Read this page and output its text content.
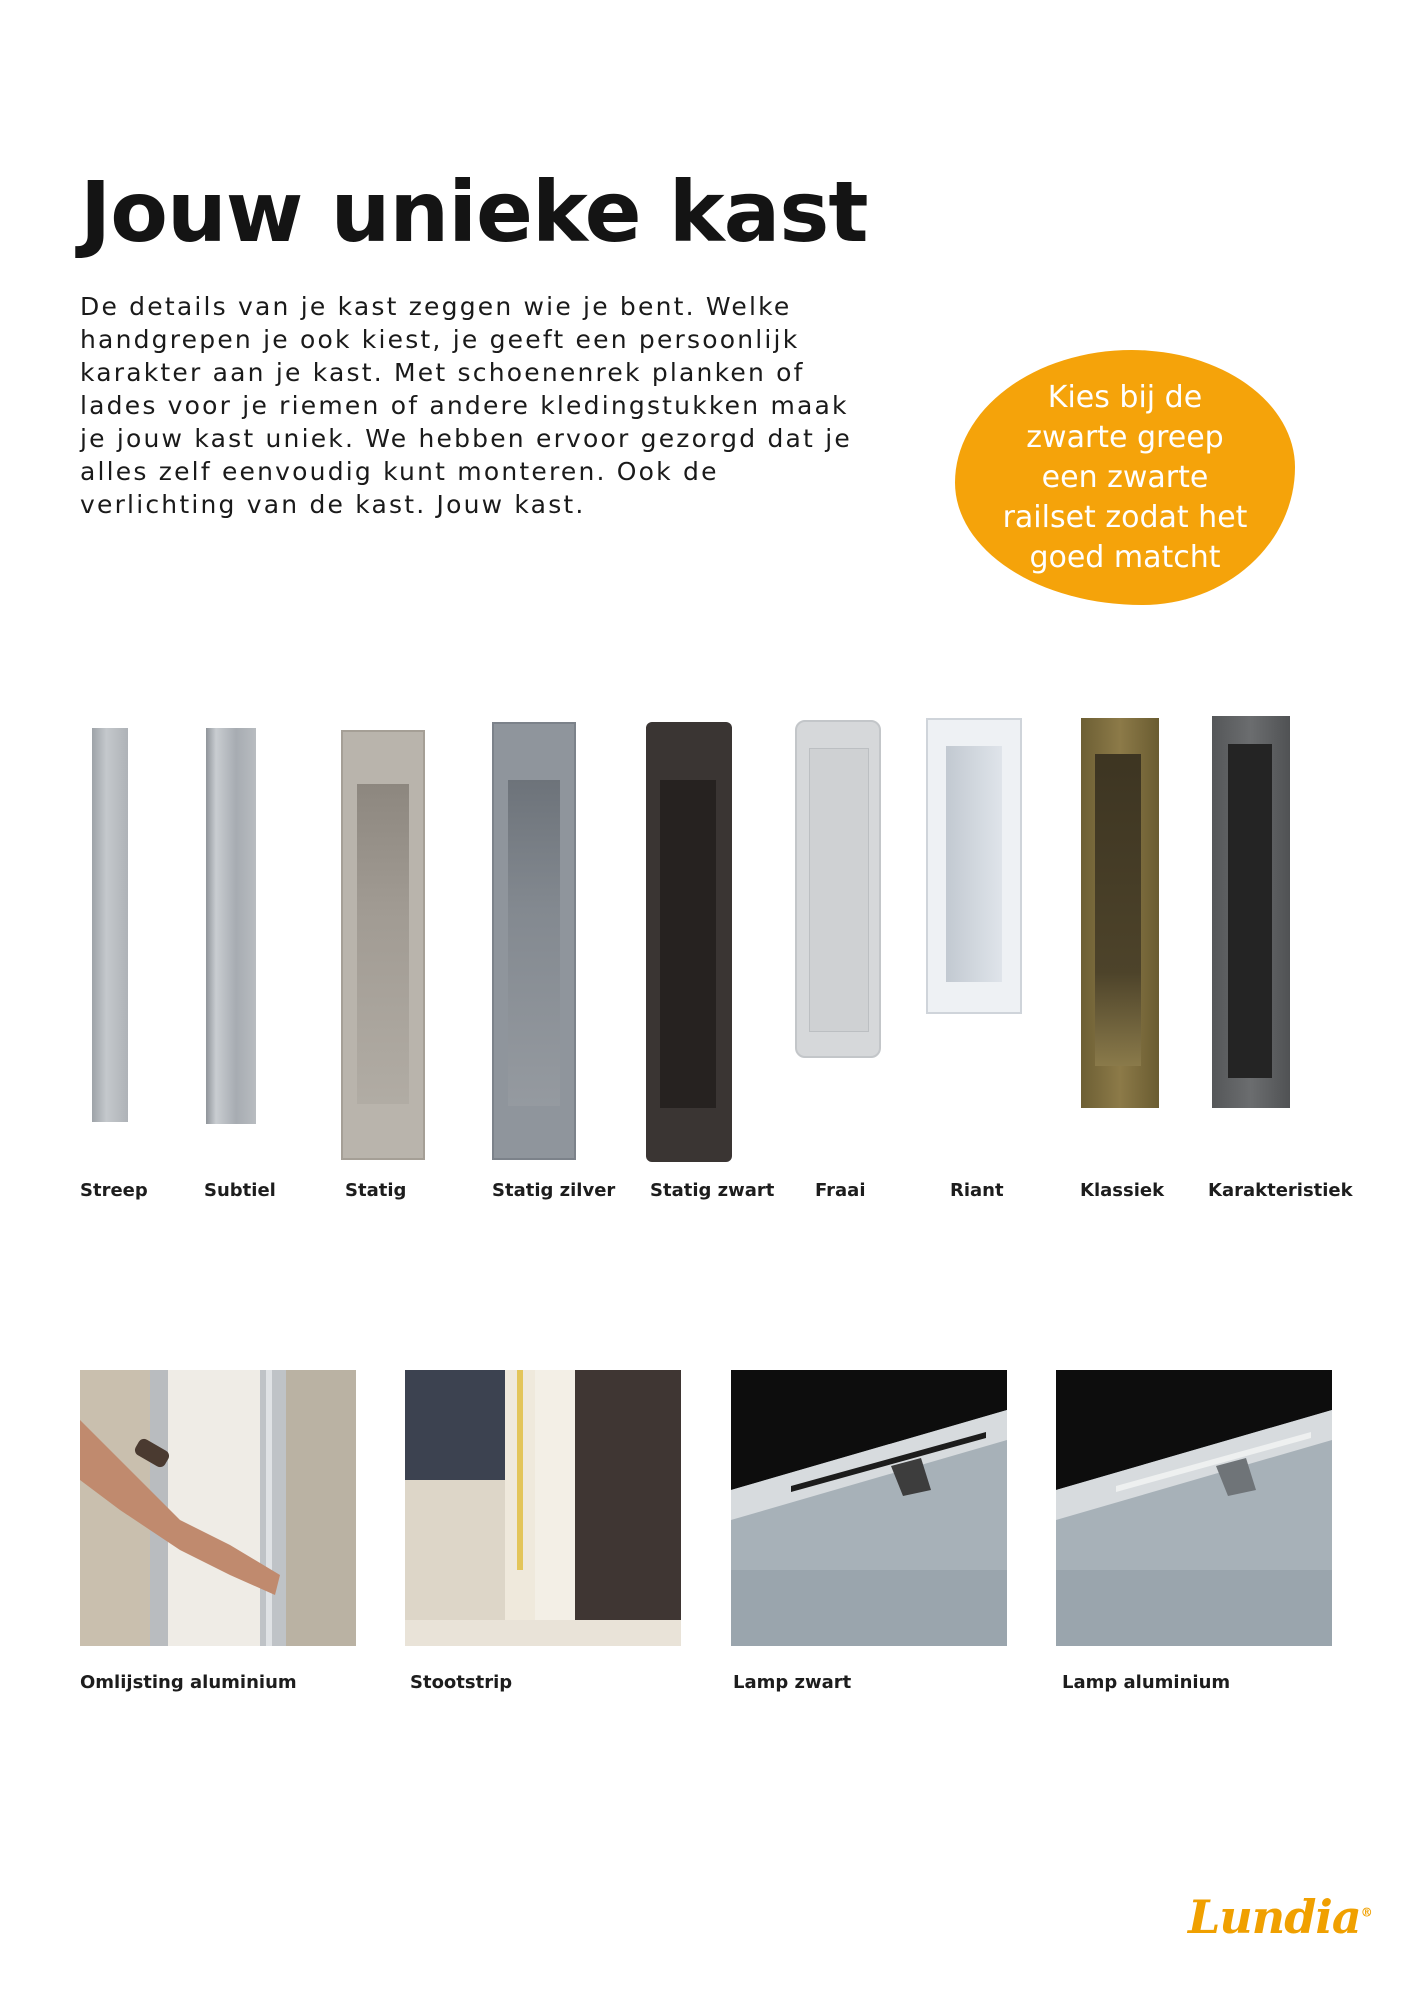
Jouw unieke kast

De details van je kast zeggen wie je bent. Welke handgrepen je ook kiest, je geeft een persoonlijk karakter aan je kast. Met schoenenrek planken of lades voor je riemen of andere kledingstukken maak je jouw kast uniek. We hebben ervoor gezorgd dat je alles zelf eenvoudig kunt monteren. Ook de verlichting van de kast. Jouw kast.

Kies bij de zwarte greep een zwarte railset zodat het goed matcht
Streep	Subtiel	Statig	Statig zilver Statig zwart Fraai	Riant	Klassiek Karakteristiek
Omlijsting aluminium	Stootstrip	Lamp zwart	Lamp aluminium
Lundia®
